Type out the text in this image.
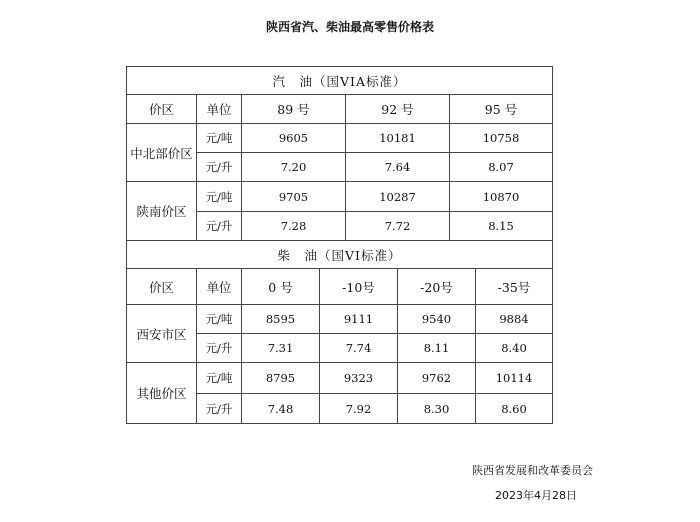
陕西省汽、柴油最高零售价格表
汽　油（国VIA标准）				
价区	单位	89 号	92 号	95 号
中北部价区	元/吨	9605	10181	10758
	元/升	7.20	7.64	8.07
陕南价区	元/吨	9705	10287	10870
	元/升	7.28	7.72	8.15
柴　油（国VI标准）					
价区	单位	0 号	-10号	-20号	-35号
西安市区	元/吨	8595	9111	9540	9884
	元/升	7.31	7.74	8.11	8.40
其他价区	元/吨	8795	9323	9762	10114
	元/升	7.48	7.92	8.30	8.60
陕西省发展和改革委员会
2023年4月28日
